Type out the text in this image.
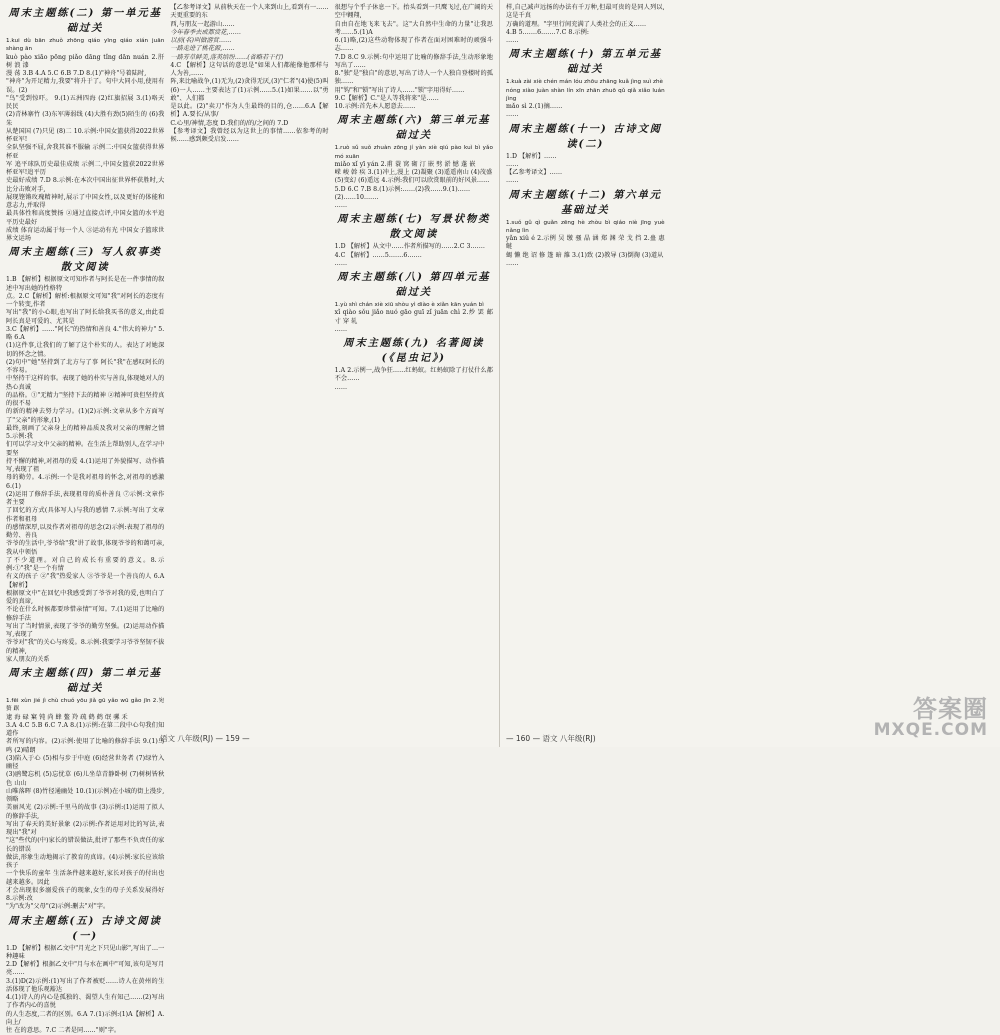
周末主题练(二) 第一单元基础过关

1.kui dù bān zhuǒ zhōng qiáo yīng qiáo xián juān shàng ān

kuò pào xiāo pōng piǎo dāng tǐng dān nuán 2.肝 树 浪 漆

漫 荡 3.B 4.A 5.C 6.B 7.D 8.(1)"神舟"号着陆时,

"神舟"为开足精力,我要"将升于了。句中大同小用,使用有误。(2)

"鸟"受到惊吓。 9.(1)五洲四海 (2)红旗招展 3.(1)咯天 民民

(2)青林寨竹 (3)东军薄弱线 (4)大胜有劲(5)陌生的 (6)我 朱

从楚国国 (7)只见 (8)二 10.示例:中国女篮获得2022世界杯亚军!

全队坚强不屈,舍我其谁不服输 示例二:中国女篮获得世界杯亚

军 追平球队历史最佳成绩 示例二,中国女篮获2022世界杯亚军!追平历

史最好成绩 7.D 8.示例:在本次中国出征世界杯获胜时,大比分击败对手,

展现铿锵玫瑰精神时,展示了中国女性,以及更好的体能和意志力,并取得

最具体性和高度赞扬 ②通过直接点评,中国女篮的水平追平历史最好

成绩 体育运动属于每一个人 ③运动有光 中国女子篮球世界文运场

周末主题练(三) 写人叙事类散文阅读

1.B 【解析】根据原文可知作者与阿长是在一件事情的叙述中写出她的性格特

点。2.C【解析】解析:根据原文可知"我"对阿长的态度有一个转变,作者

写出"我"的小心眼,也写出了阿长给我买书的意义,由此看阿长真是可爱的、尤其是

3.C【解析】……"阿长"的热情和善良 4."伟大的神力" 5.略 6.A

(1)这件事,让我们的了解了这个朴实的人。表达了对她深切的怀念之情。

(2)句中"她"坚持到了北方与了事 阿长"我"在感叹阿长的不容易。

中坚持干这样的事。表现了她的朴实与善良,体现她对人的热心真诚

的品格。①"无精力"坚持下去的精神 ②精神可贵但坚持真的很不易

的新的精神去努力学习。(1)(2)示例:文章从多个方面写了"父亲"的形象,(1)

最终,刻画了父亲身上的精神品质及我对父亲的理解之情 5.示例:我

们可以学习文中父亲的精神。在生活上帮助别人,在学习中要坚

持不懈的精神,对祖母的爱 4.(1)运用了外貌描写、动作描写,表现了祖

母的勤劳。4.示例:一个是我对祖母的怀念,对祖母的感激 6.(1)

(2)运用了修辞手法,表现祖母的质朴善良 ⑦示例:文章作者主要

了回忆的方式(具体写人)与我的感情 7.示例:写出了文章作者和祖母

的感情深厚,以及作者对祖母的思念(2)示例:表现了祖母的勤劳、善良

爷爷的生活中,爷爷给"我"讲了故事,体现爷爷的和蔼可亲,我从中领悟

了不少道理。对自己的成长有重要的意义。8.示例:①"我"是一个有情

有义的孩子 ②"我"热爱家人 ③爷爷是一个善良的人 6.A【解析】

根据原文中"在回忆中我感受到了爷爷对我的爱,也明白了爱的真谛,

不论在什么时候都要珍惜亲情"可知。7.(1)运用了比喻的修辞手法

写出了当时情景,表现了爷爷的勤劳坚强。(2)运用动作描写,表现了

爷爷对"我"的关心与疼爱。8.示例:我要学习爷爷坚韧不拔的精神,

家人朋友的关系

周末主题练(四) 第二单元基础过关

1.fēi xùn jié jì chù chuǒ yōu jiǎ gū yǎo wū gǎo jīn 2.宛 赘 踞

逮 海 碌 窠 钝 尚 蜂 鳌 羚 疏 鹤 鹤 氓 骡 禾

3.A 4.C 5.B 6.C 7.A 8.(1)示例:在第二段中心句我们知道作

者所写的内容。(2)示例:使用了比喻的修辞手法 9.(1)鸟鸣 (2)晴朗

(3)陷入于心 (5)相与步于中庭 (6)经营世务者 (7)绿竹入幽径

(3)鸥鹭忘机 (5)忘忧草 (6)儿坐草青静卧树 (7)树树皆秋色 山山

山唯落晖 (8)竹径通幽处 10.(1)(示例)在小城的街上漫步,领略

美丽风光 (2)示例:千里马的故事 (3)示例:(1)运用了拟人的修辞手法,

写出了春天的美好景象 (2)示例:作者运用对比的写法,表现出"我"对

"这"些代的(中)家长的错误做法,批评了那些不负责任的家长的错误

做法,形象生动地揭示了教育的真谛。(4)示例:家长应该给孩子

一个快乐的童年 生活条件越来越好,家长对孩子的付出也越来越多。因此

才会出现很多溺爱孩子的现象,女生的母子关系发展得好 8.示例:改

"为"改为"父母"(2)示例:删去"对"字。

周末主题练(五) 古诗文阅读(一)

1.D 【解析】根据乙文中"月光之下只见山影",写出了…一种趣味

2.D【解析】根据乙文中"月与水在画中"可知,该句是写月亮……

3.(1)D(2)示例:(1)写出了作者被贬……诗人在黄州的生活体现了他乐观豁达

4.(1)诗人的内心是孤独的、渴望人生有知己……(2)写出了作者内心的喜悦

的人生态度,二者的区别。6.A 7.(1)示例:(1)A【解析】A.向上/

往 在的意思。7.C 二者是同……"则"字。

【乙参考译文】从前秋天在一个人来到山上,看到有一……天更重要的东

西,与朋友一起游山……

今年春季去成都赏花,……

以前(名)叫做游赏……

一路走进了桃花源,……

一路芳草鲜美,落英缤纷……(省略若干行)

4.C 【解析】这句话的意思是"如果人们都能像他那样与人为善,……

阵,来比喻战争,(1)无为,(2)贪得无厌,(3)"仁者"(4)使(5)叫

(6)一人……主要表达了(1)示例……5.(1)如果……以"勇敢"、人们都

是以此。(2)"卖刀"作为人生最终的目的,仓……6.A【解析】A.要长/从事/

C.心里/神情,态度 D.我们的/的/之间的 7.D

【参考译文】我曾经以为这世上的事情……依参考的时候……感到颇受启发……

很想与个乎子休息一下。抬头看到一只鹰飞过,在广阔的天空中翱翔,

自由自在地飞来飞去"。这"大自然中生命的力量"让我思考……5.(1)A

6.(1)略,(2)这些动物体现了作者在面对困难时的顽强斗志……

7.D 8.C 9.示例:句中运用了比喻的修辞手法,生动形象地写出了……

8."独"是"独自"的意思,写出了诗人一个人独自登楼时的孤独……

用"钩"和"锁"写出了诗人……"锁"字用得好……

9.C【解析】C."是人等我将来"是……

10.示例:首先本人愿意去……

周末主题练(六) 第三单元基础过关

1.ruò sǔ suǒ zhuàn zōng jí yàn xiè qiú pào kuì bì yǎo mó xuān

miǎo xǐ yī yán 2.甫 蓑 窝 砌 汀 嵌 劈 淤 憾 蓬 嵌

嵘 峻 斡 疾 3.(1)冲上,漫上 (2)凝聚 (3)遥遥南山 (4)茂盛

(5)变幻 (6)遥远 4.示例:我们可以欣赏眼前的好风景……

5.D 6.C 7.B 8.(1)示例:……(2)我……9.(1)……

(2)……10.……

……

周末主题练(七) 写景状物类散文阅读

1.D 【解析】从文中……作者所描写的……2.C 3.……

4.C 【解析】……5.……6.……

……

周末主题练(八) 第四单元基础过关

1.yù shì chán xiè xiū shòu yì diào è xiǎn kān yuán bì

xǐ qiào sǒu jiǎo nuó gāo guī zǐ juān chì 2.炒 罢 邮 寸 穿 轧

……

周末主题练(九) 名著阅读(《昆虫记》)

1.A 2.示例一,战争狂……红蚂蚁。红蚂蚁除了打仗什么都不会……

……

语文 八年级(RJ) — 159 —

样,自己减声远扬的办法有千万种,但最可贵的是同人列以,这是千真

万确的道理。"字里行间充满了人类社会的正义……

4.B 5.……6.……7.C 8.示例:

……

周末主题练(十) 第五单元基础过关

1.kuà zài xiè chén mán lóu zhōu zhāng kuǎ jìng suì zhè

nóng xiào juàn shàn lín xīn zhān zhuō qǔ qiǎ xiǎo luán jìng

mǎo sì 2.(1)摘……

……

周末主题练(十一) 古诗文阅读(二)

1.D 【解析】……

……

【乙参考译文】……

……

周末主题练(十二) 第六单元基础过关

1.suǒ gǔ qì guǎn zēng hè zhòu bì qiáo niè jīng yuè nǎng lìn

yǎn xiǔ é 2.示例 吴 缴 骚 晶 涵 郑 渊 荣 戈 挡 2.蛊 惠 鲢

蝎 懒 绝 诏 修 篷 暗 雒 3.(1)致 (2)教导 (3)倒掬 (3)道从

……

— 160 — 语文 八年级(RJ)
答案圈
MXQE.COM
